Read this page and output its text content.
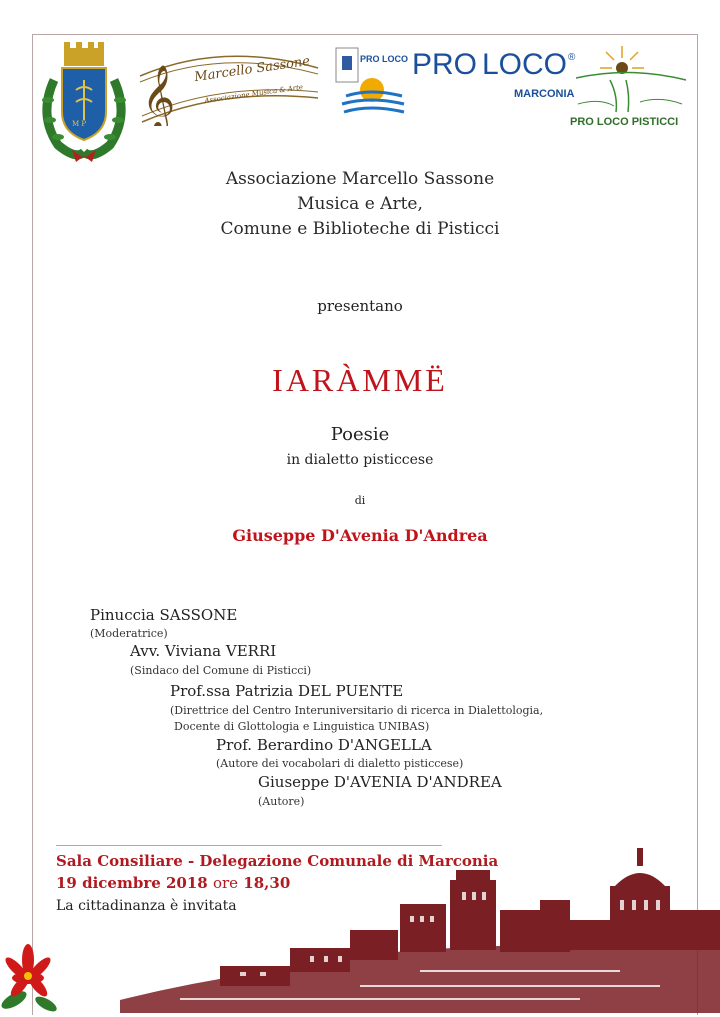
M P 𝄞 Marcello Sassone
Associazione Musica & Arte
PRO LOCO PRO LOCO ®
MARCONIA
PRO LOCO PISTICCI
Associazione Marcello Sassone
Musica e Arte,
Comune e Biblioteche di Pisticci
presentano
IARÀMMË
Poesie
in dialetto pisticcese
di
Giuseppe D'Avenia D'Andrea
Pinuccia SASSONE
(Moderatrice)
Avv. Viviana VERRI
(Sindaco del Comune di Pisticci)
Prof.ssa Patrizia DEL PUENTE
(Direttrice del Centro Interuniversitario di ricerca in Dialettologia,
Docente di Glottologia e Linguistica UNIBAS)
Prof. Berardino D'ANGELLA
(Autore dei vocabolari di dialetto pisticcese)
Giuseppe D'AVENIA D'ANDREA
(Autore)
Sala Consiliare - Delegazione Comunale di Marconia
19 dicembre 2018 ore 18,30
La cittadinanza è invitata
